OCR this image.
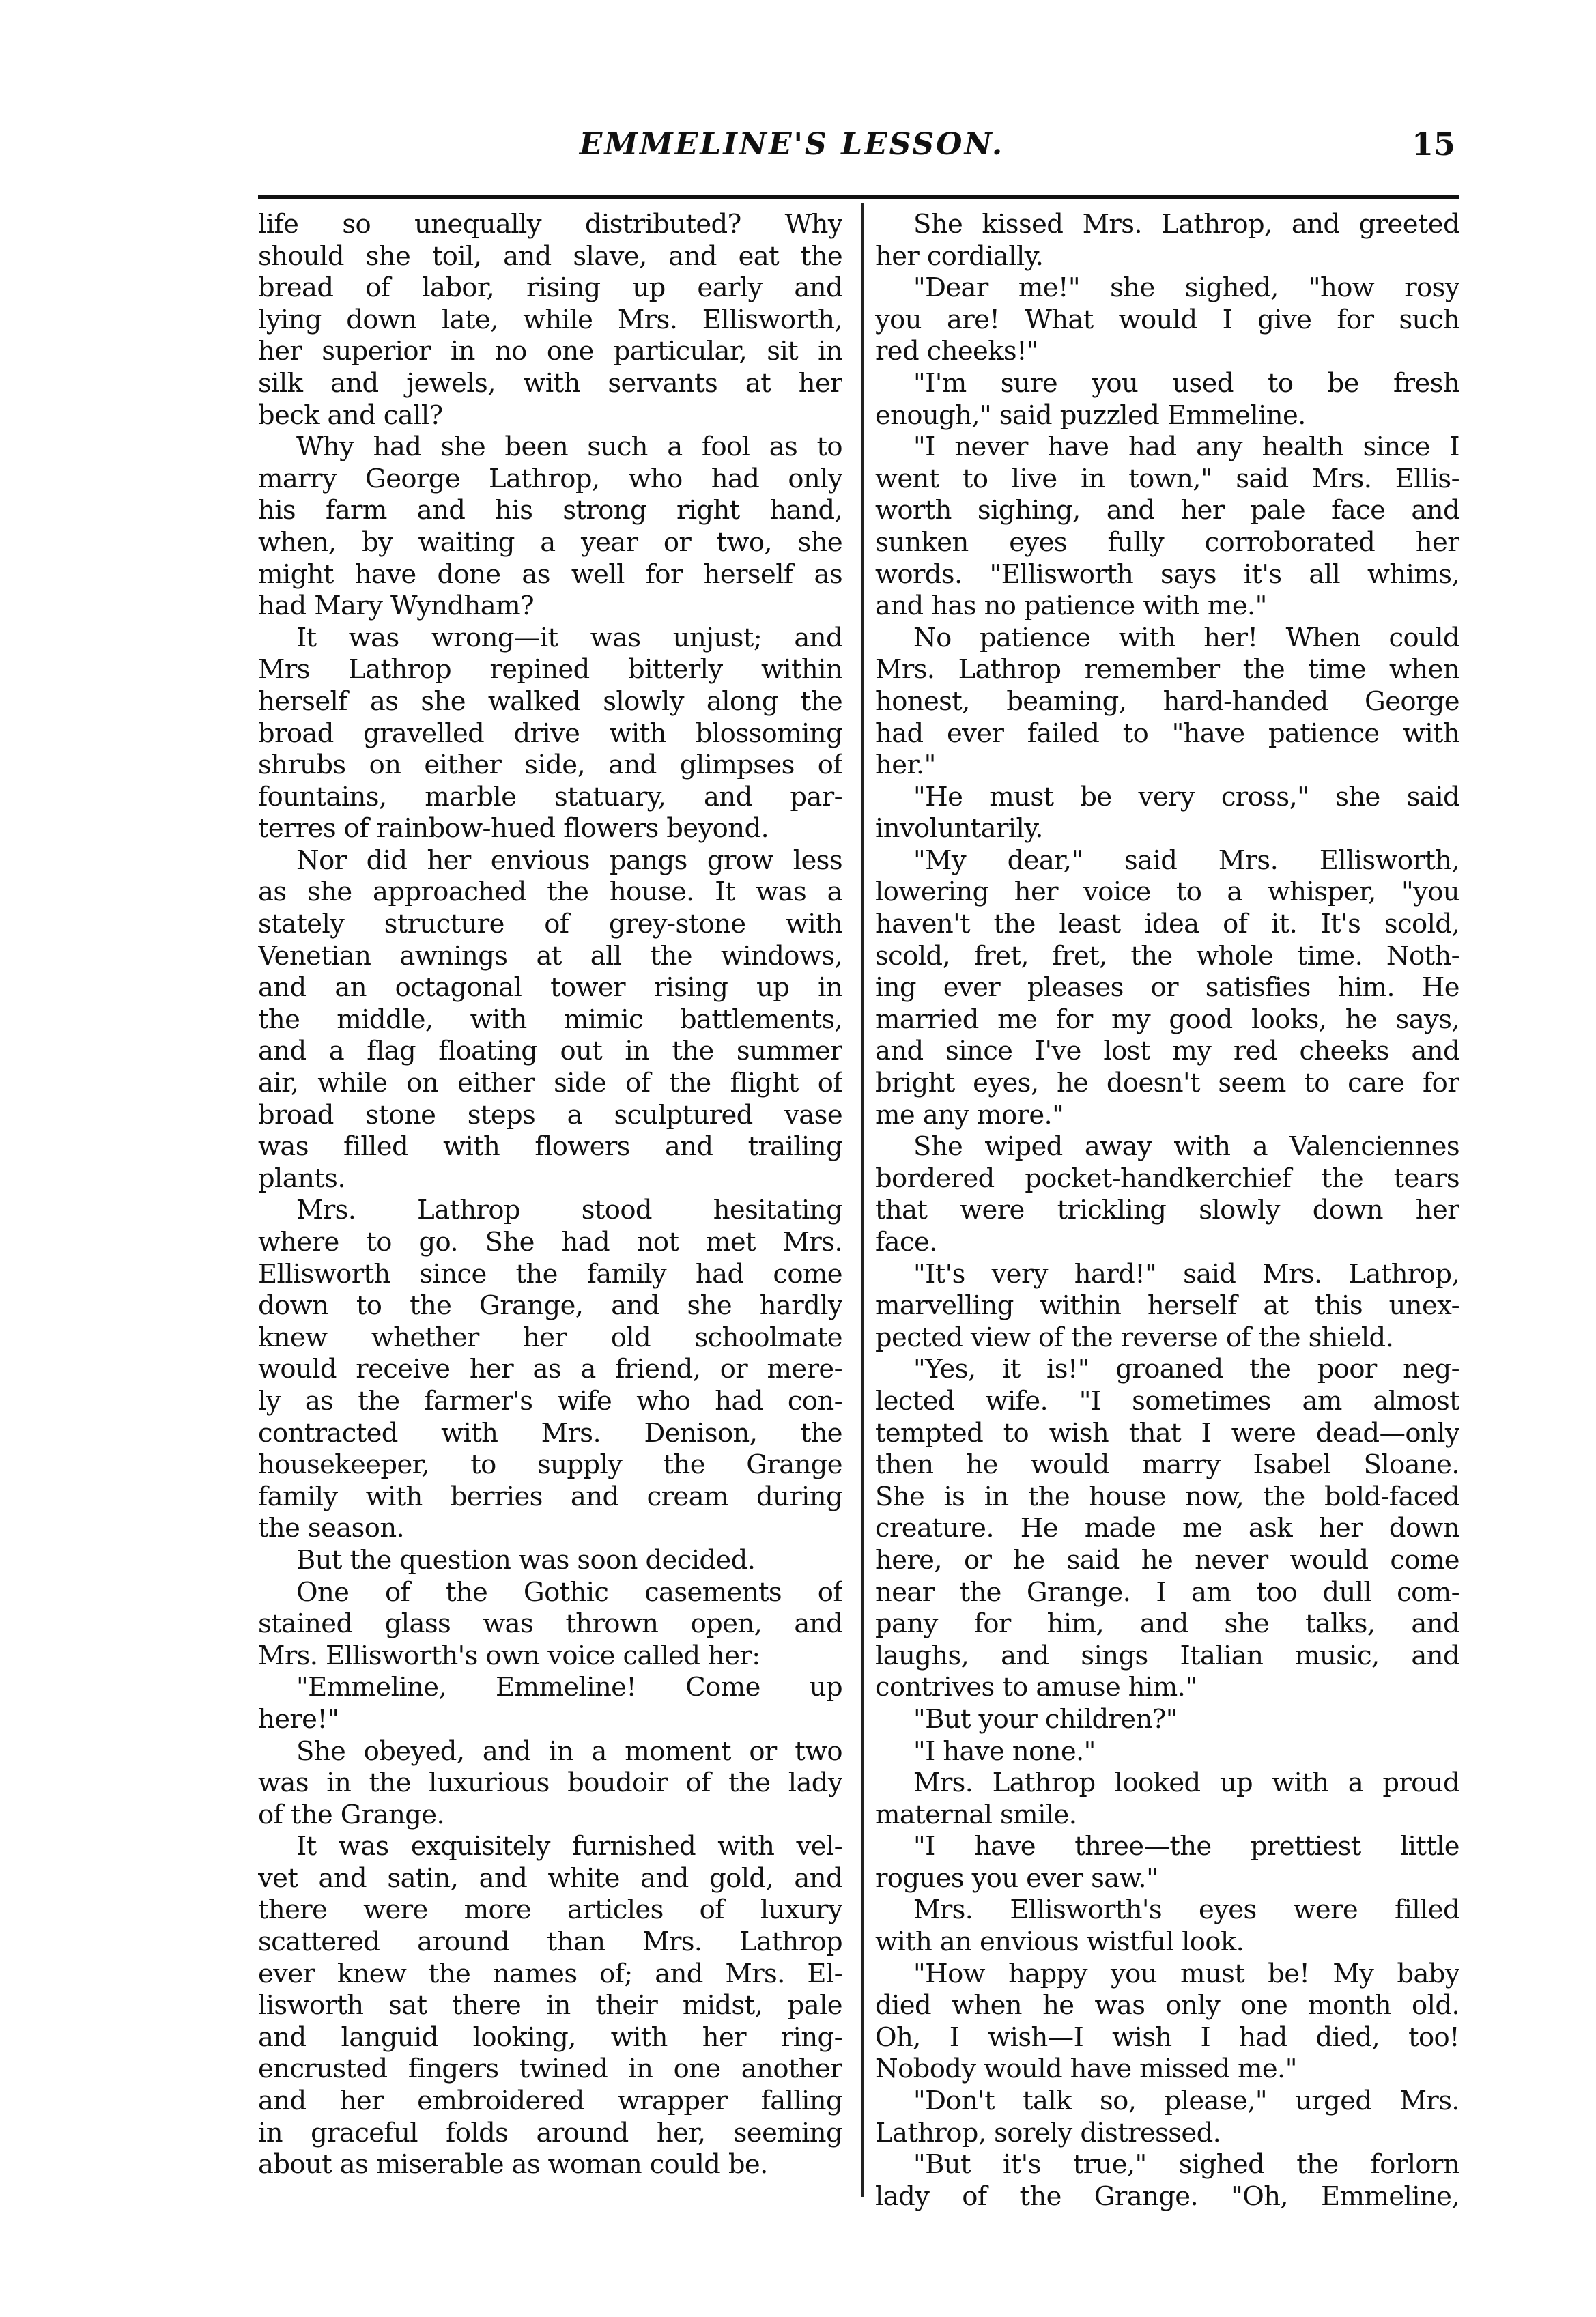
EMMELINE'S LESSON.	15
life so unequally distributed? Why
should she toil, and slave, and eat the
bread of labor, rising up early and
lying down late, while Mrs. Ellisworth,
her superior in no one particular, sit in
silk and jewels, with servants at her
beck and call?
Why had she been such a fool as to
marry George Lathrop, who had only
his farm and his strong right hand,
when, by waiting a year or two, she
might have done as well for herself as
had Mary Wyndham?
It was wrong—it was unjust; and
Mrs Lathrop repined bitterly within
herself as she walked slowly along the
broad gravelled drive with blossoming
shrubs on either side, and glimpses of
fountains, marble statuary, and par-
terres of rainbow-hued flowers beyond.
Nor did her envious pangs grow less
as she approached the house. It was a
stately structure of grey-stone with
Venetian awnings at all the windows,
and an octagonal tower rising up in
the middle, with mimic battlements,
and a flag floating out in the summer
air, while on either side of the flight of
broad stone steps a sculptured vase
was filled with flowers and trailing
plants.
Mrs. Lathrop stood hesitating
where to go. She had not met Mrs.
Ellisworth since the family had come
down to the Grange, and she hardly
knew whether her old schoolmate
would receive her as a friend, or mere-
ly as the farmer's wife who had con-
contracted with Mrs. Denison, the
housekeeper, to supply the Grange
family with berries and cream during
the season.
But the question was soon decided.
One of the Gothic casements of
stained glass was thrown open, and
Mrs. Ellisworth's own voice called her:
"Emmeline, Emmeline! Come up
here!"
She obeyed, and in a moment or two
was in the luxurious boudoir of the lady
of the Grange.
It was exquisitely furnished with vel-
vet and satin, and white and gold, and
there were more articles of luxury
scattered around than Mrs. Lathrop
ever knew the names of; and Mrs. El-
lisworth sat there in their midst, pale
and languid looking, with her ring-
encrusted fingers twined in one another
and her embroidered wrapper falling
in graceful folds around her, seeming
about as miserable as woman could be.
She kissed Mrs. Lathrop, and greeted
her cordially.
"Dear me!" she sighed, "how rosy
you are! What would I give for such
red cheeks!"
"I'm sure you used to be fresh
enough," said puzzled Emmeline.
"I never have had any health since I
went to live in town," said Mrs. Ellis-
worth sighing, and her pale face and
sunken eyes fully corroborated her
words. "Ellisworth says it's all whims,
and has no patience with me."
No patience with her! When could
Mrs. Lathrop remember the time when
honest, beaming, hard-handed George
had ever failed to "have patience with
her."
"He must be very cross," she said
involuntarily.
"My dear," said Mrs. Ellisworth,
lowering her voice to a whisper, "you
haven't the least idea of it. It's scold,
scold, fret, fret, the whole time. Noth-
ing ever pleases or satisfies him. He
married me for my good looks, he says,
and since I've lost my red cheeks and
bright eyes, he doesn't seem to care for
me any more."
She wiped away with a Valenciennes
bordered pocket-handkerchief the tears
that were trickling slowly down her
face.
"It's very hard!" said Mrs. Lathrop,
marvelling within herself at this unex-
pected view of the reverse of the shield.
"Yes, it is!" groaned the poor neg-
lected wife. "I sometimes am almost
tempted to wish that I were dead—only
then he would marry Isabel Sloane.
She is in the house now, the bold-faced
creature. He made me ask her down
here, or he said he never would come
near the Grange. I am too dull com-
pany for him, and she talks, and
laughs, and sings Italian music, and
contrives to amuse him."
"But your children?"
"I have none."
Mrs. Lathrop looked up with a proud
maternal smile.
"I have three—the prettiest little
rogues you ever saw."
Mrs. Ellisworth's eyes were filled
with an envious wistful look.
"How happy you must be! My baby
died when he was only one month old.
Oh, I wish—I wish I had died, too!
Nobody would have missed me."
"Don't talk so, please," urged Mrs.
Lathrop, sorely distressed.
"But it's true," sighed the forlorn
lady of the Grange. "Oh, Emmeline,
